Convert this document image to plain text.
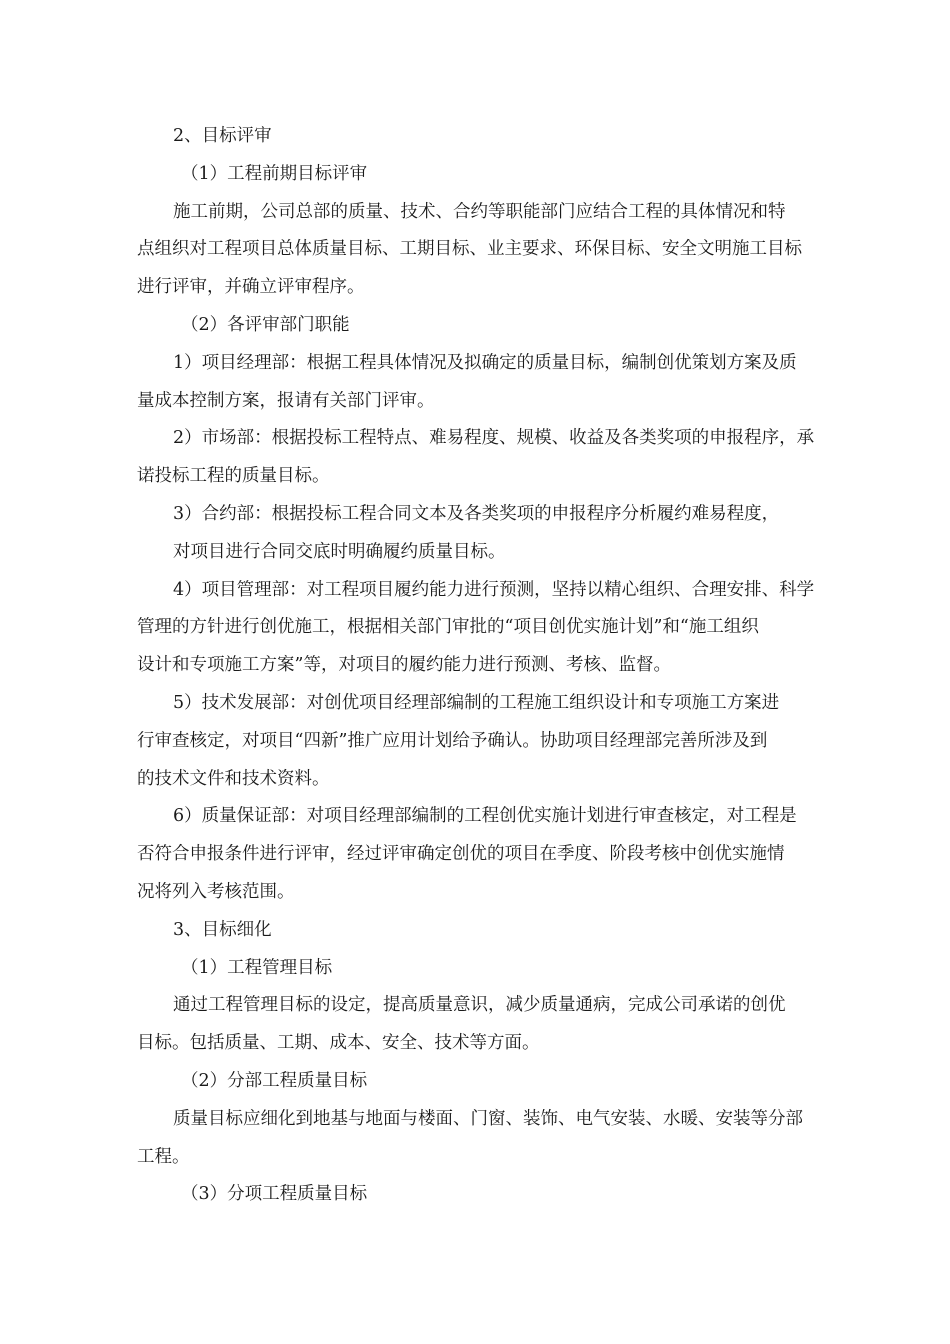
2、目标评审
（1）工程前期目标评审
施工前期，公司总部的质量、技术、合约等职能部门应结合工程的具体情况和特
点组织对工程项目总体质量目标、工期目标、业主要求、环保目标、安全文明施工目标
进行评审，并确立评审程序。
（2）各评审部门职能
1）项目经理部：根据工程具体情况及拟确定的质量目标，编制创优策划方案及质
量成本控制方案，报请有关部门评审。
2）市场部：根据投标工程特点、难易程度、规模、收益及各类奖项的申报程序，承
诺投标工程的质量目标。
3）合约部：根据投标工程合同文本及各类奖项的申报程序分析履约难易程度，
对项目进行合同交底时明确履约质量目标。
4）项目管理部：对工程项目履约能力进行预测，坚持以精心组织、合理安排、科学
管理的方针进行创优施工，根据相关部门审批的“项目创优实施计划”和“施工组织
设计和专项施工方案”等，对项目的履约能力进行预测、考核、监督。
5）技术发展部：对创优项目经理部编制的工程施工组织设计和专项施工方案进
行审查核定，对项目“四新”推广应用计划给予确认。协助项目经理部完善所涉及到
的技术文件和技术资料。
6）质量保证部：对项目经理部编制的工程创优实施计划进行审查核定，对工程是
否符合申报条件进行评审，经过评审确定创优的项目在季度、阶段考核中创优实施情
况将列入考核范围。
3、目标细化
（1）工程管理目标
通过工程管理目标的设定，提高质量意识，减少质量通病，完成公司承诺的创优
目标。包括质量、工期、成本、安全、技术等方面。
（2）分部工程质量目标
质量目标应细化到地基与地面与楼面、门窗、装饰、电气安装、水暖、安装等分部
工程。
（3）分项工程质量目标
